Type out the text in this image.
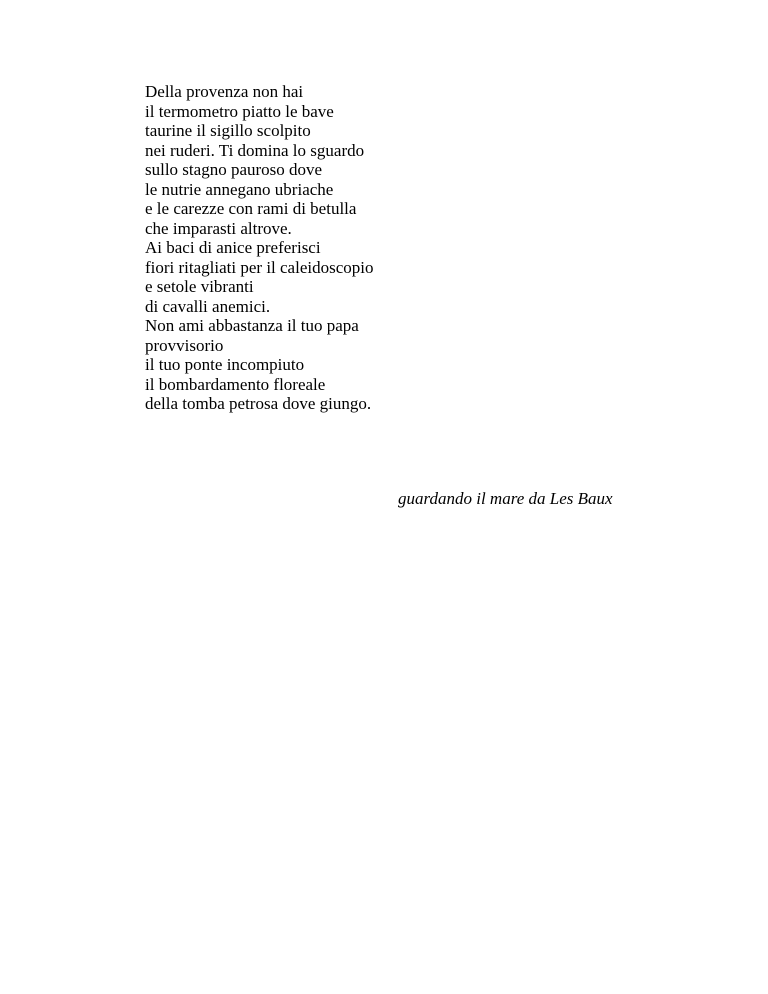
Della provenza non hai
il termometro piatto le bave
taurine il sigillo scolpito
nei ruderi. Ti domina lo sguardo
sullo stagno pauroso dove
le nutrie annegano ubriache
e le carezze con rami di betulla
che imparasti altrove.
Ai baci di anice preferisci
fiori ritagliati per il caleidoscopio
e setole vibranti
di cavalli anemici.
Non ami abbastanza il tuo papa
provvisorio
il tuo ponte incompiuto
il bombardamento floreale
della tomba petrosa dove giungo.

guardando il mare da Les Baux
